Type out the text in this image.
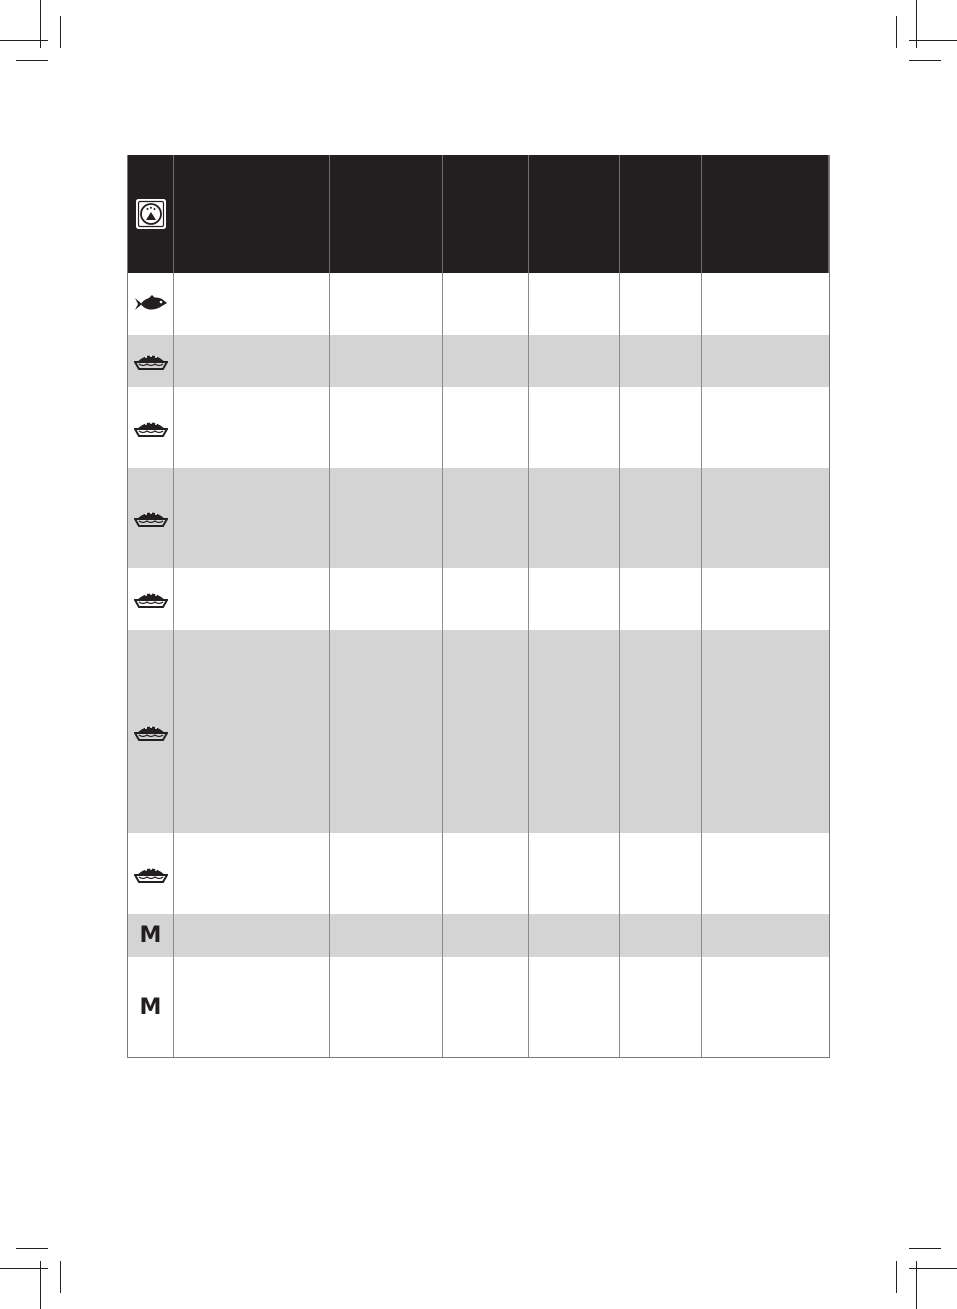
M
M
